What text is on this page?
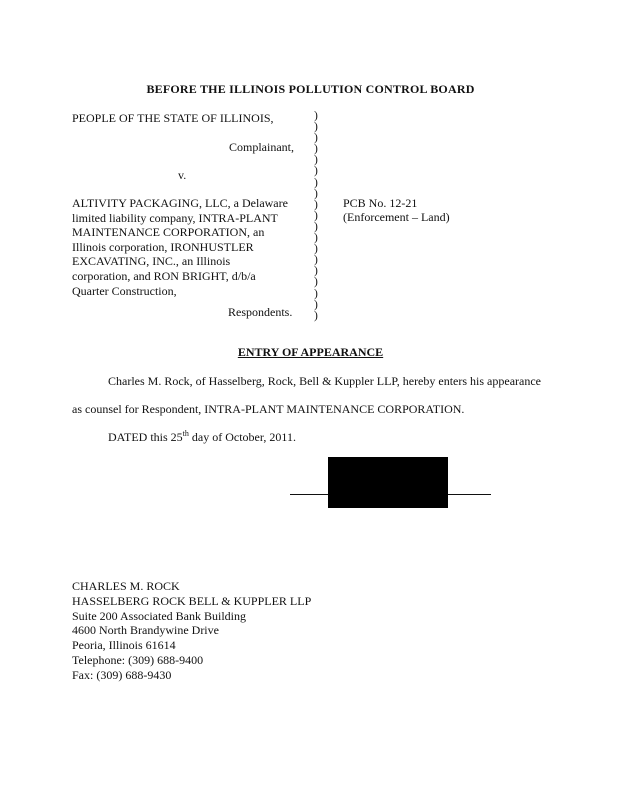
BEFORE THE ILLINOIS POLLUTION CONTROL BOARD
PEOPLE OF THE STATE OF ILLINOIS,
Complainant,
v.
ALTIVITY PACKAGING, LLC, a Delaware
limited liability company, INTRA-PLANT
MAINTENANCE CORPORATION, an
Illinois corporation, IRONHUSTLER
EXCAVATING, INC., an Illinois
corporation, and RON BRIGHT, d/b/a
Quarter Construction,
Respondents.
)
)
)
)
)
)
)
)
)
)
)
)
)
)
)
)
)
)
)
PCB No. 12-21
(Enforcement – Land)
ENTRY OF APPEARANCE
Charles M. Rock, of Hasselberg, Rock, Bell & Kuppler LLP, hereby enters his appearance
as counsel for Respondent, INTRA-PLANT MAINTENANCE CORPORATION.
DATED this 25th day of October, 2011.
CHARLES M. ROCK
HASSELBERG ROCK BELL & KUPPLER LLP
Suite 200 Associated Bank Building
4600 North Brandywine Drive
Peoria, Illinois 61614
Telephone: (309) 688-9400
Fax: (309) 688-9430
